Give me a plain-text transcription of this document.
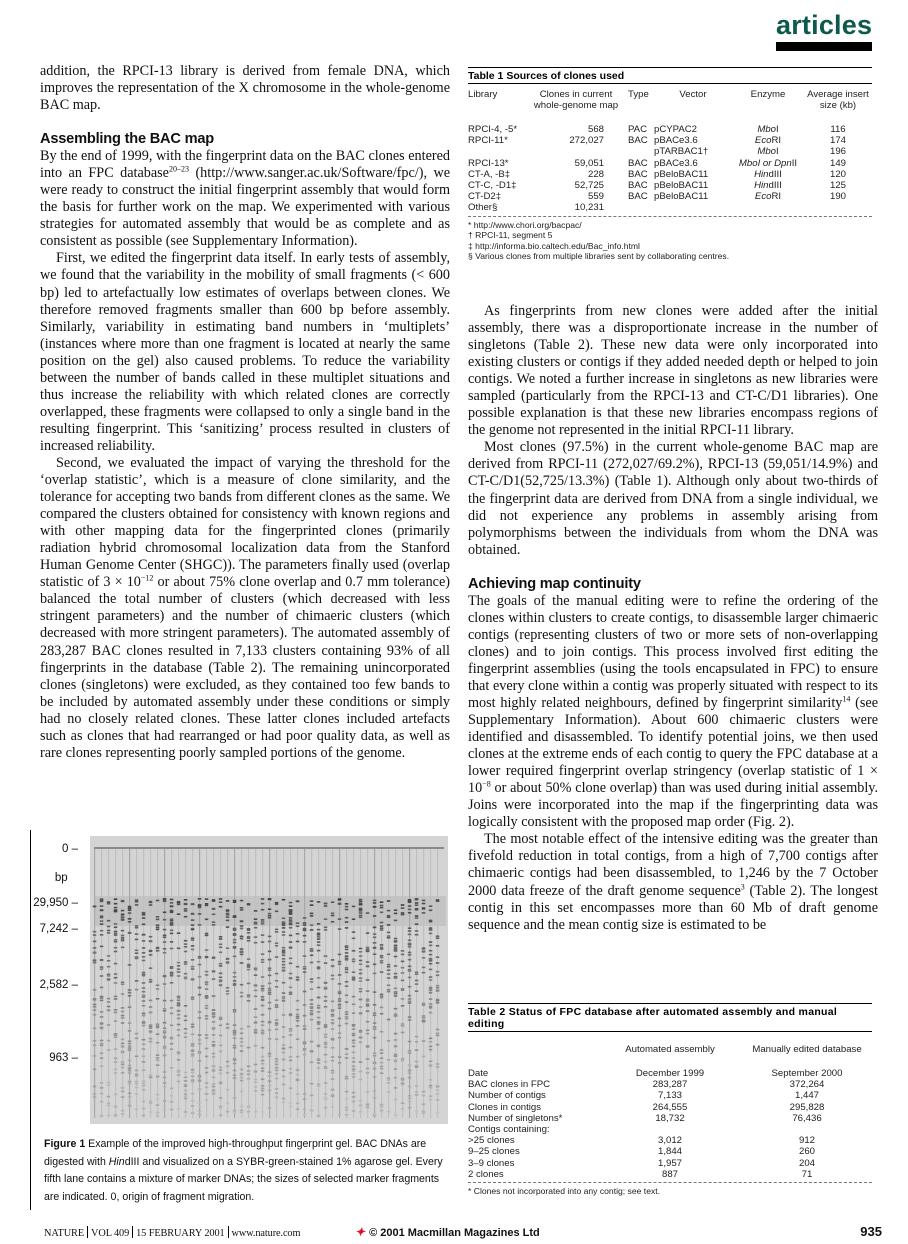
articles

addition, the RPCI-13 library is derived from female DNA, which improves the representation of the X chromosome in the whole-genome BAC map.

Assembling the BAC map

By the end of 1999, with the fingerprint data on the BAC clones entered into an FPC database$^{20-23}$ (http://www.sanger.ac.uk/Software/fpc/), we were ready to construct the initial fingerprint assembly that would form the basis for further work on the map. We experimented with various strategies for automated assembly that would be as complete and as consistent as possible (see Supplementary Information).

First, we edited the fingerprint data itself. In early tests of assembly, we found that the variability in the mobility of small fragments (< 600 bp) led to artefactually low estimates of overlaps between clones. We therefore removed fragments smaller than 600 bp before assembly. Similarly, variability in estimating band numbers in ‘multiplets’ (instances where more than one fragment is located at nearly the same position on the gel) also caused problems. To reduce the variability between the number of bands called in these multiplet situations and thus increase the reliability with which related clones are correctly overlapped, these fragments were collapsed to only a single band in the resulting fingerprint. This ‘sanitizing’ process resulted in clusters of increased reliability.

Second, we evaluated the impact of varying the threshold for the ‘overlap statistic’, which is a measure of clone similarity, and the tolerance for accepting two bands from different clones as the same. We compared the clusters obtained for consistency with known regions and with other mapping data for the fingerprinted clones (primarily radiation hybrid chromosomal localization data from the Stanford Human Genome Center (SHGC)). The parameters finally used (overlap statistic of $3 \times 10^{-12}$ or about 75% clone overlap and 0.7 mm tolerance) balanced the total number of clusters (which decreased with less stringent parameters) and the number of chimaeric clusters (which decreased with more stringent parameters). The automated assembly of 283,287 BAC clones resulted in 7,133 clusters containing 93% of all fingerprints in the database (Table 2). The remaining unincorporated clones (singletons) were excluded, as they contained too few bands to be included by automated assembly under these conditions or simply had no closely related clones. These latter clones included artefacts such as clones that had rearranged or had poor quality data, as well as rare clones representing poorly sampled portions of the genome.

Table 1 Sources of clones used
Library	Clones in current whole-genome map	Type	Vector	Enzyme	Average insert size (kb)

RPCI-4, -5*	568	PAC	pCYPAC2	MboI	116
RPCI-11*	272,027	BAC	pBACe3.6	EcoRI	174
			pTARBAC1†	MboI	196
RPCI-13*	59,051	BAC	pBACe3.6	MboI or DpnII	149
CT-A, -B‡	228	BAC	pBeloBAC11	HindIII	120
CT-C, -D1‡	52,725	BAC	pBeloBAC11	HindIII	125
CT-D2‡	559	BAC	pBeloBAC11	EcoRI	190
Other§	10,231				
* http://www.chori.org/bacpac/
† RPCI-11, segment 5
‡ http://informa.bio.caltech.edu/Bac_info.html
§ Various clones from multiple libraries sent by collaborating centres.

As fingerprints from new clones were added after the initial assembly, there was a disproportionate increase in the number of singletons (Table 2). These new data were only incorporated into existing clusters or contigs if they added needed depth or helped to join contigs. We noted a further increase in singletons as new libraries were sampled (particularly from the RPCI-13 and CT-C/D1 libraries). One possible explanation is that these new libraries encompass regions of the genome not represented in the initial RPCI-11 library.

Most clones (97.5%) in the current whole-genome BAC map are derived from RPCI-11 (272,027/69.2%), RPCI-13 (59,051/14.9%) and CT-C/D1(52,725/13.3%) (Table 1). Although only about two-thirds of the fingerprint data are derived from DNA from a single individual, we did not experience any problems in assembly arising from polymorphisms between the individuals from whom the DNA was obtained.

Achieving map continuity

The goals of the manual editing were to refine the ordering of the clones within clusters to create contigs, to disassemble larger chimaeric contigs (representing clusters of two or more sets of non-overlapping clones) and to join contigs. This process involved first editing the fingerprint assemblies (using the tools encapsulated in FPC) to ensure that every clone within a contig was properly situated with respect to its most highly related neighbours, defined by fingerprint similarity$^{14}$ (see Supplementary Information). About 600 chimaeric clusters were identified and disassembled. To identify potential joins, we then used clones at the extreme ends of each contig to query the FPC database at a lower required fingerprint overlap stringency (overlap statistic of $1 \times 10^{-8}$ or about 50% clone overlap) than was used during initial assembly. Joins were incorporated into the map if the fingerprinting data was logically consistent with the proposed map order (Fig. 2).

The most notable effect of the intensive editing was the greater than fivefold reduction in total contigs, from a high of 7,700 contigs after chimaeric contigs had been disassembled, to 1,246 by the 7 October 2000 data freeze of the draft genome sequence$^3$ (Table 2). The longest contig in this set encompasses more than 60 Mb of draft genome sequence and the mean contig size is estimated to be

Table 2 Status of FPC database after automated assembly and manual editing
	Automated assembly	Manually edited database

Date	December 1999	September 2000
BAC clones in FPC	283,287	372,264
Number of contigs	7,133	1,447
Clones in contigs	264,555	295,828
Number of singletons*	18,732	76,436
Contigs containing:		
>25 clones	3,012	912
9–25 clones	1,844	260
3–9 clones	1,957	204
2 clones	887	71
* Clones not incorporated into any contig; see text.
0 –
bp
29,950 –
7,242 –
2,582 –
963 –
Figure 1 Example of the improved high-throughput fingerprint gel. BAC DNAs are digested with HindIII and visualized on a SYBR-green-stained 1% agarose gel. Every fifth lane contains a mixture of marker DNAs; the sizes of selected marker fragments are indicated. 0, origin of fragment migration.
NATURE VOL 409 15 FEBRUARY 2001 www.nature.com	✦ © 2001 Macmillan Magazines Ltd	935
